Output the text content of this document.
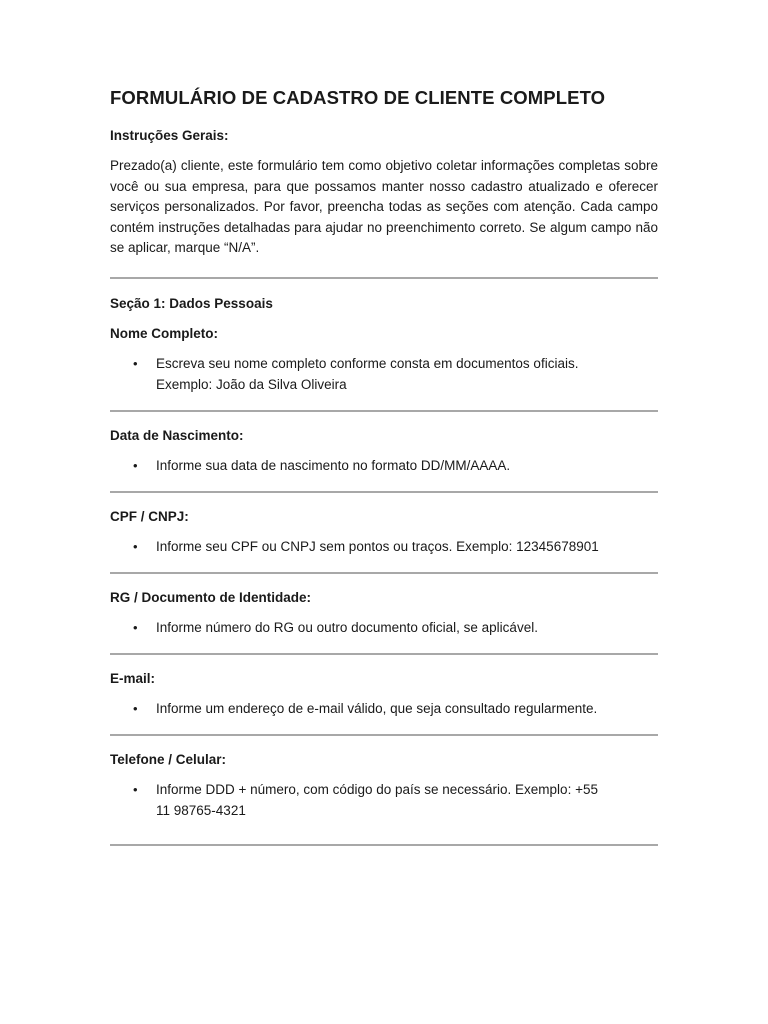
FORMULÁRIO DE CADASTRO DE CLIENTE COMPLETO

Instruções Gerais:

Prezado(a) cliente, este formulário tem como objetivo coletar informações completas sobre você ou sua empresa, para que possamos manter nosso cadastro atualizado e oferecer serviços personalizados. Por favor, preencha todas as seções com atenção. Cada campo contém instruções detalhadas para ajudar no preenchimento correto. Se algum campo não se aplicar, marque “N/A”.

Seção 1: Dados Pessoais

Nome Completo:

• Escreva seu nome completo conforme consta em documentos oficiais.
Exemplo: João da Silva Oliveira

Data de Nascimento:

• Informe sua data de nascimento no formato DD/MM/AAAA.

CPF / CNPJ:

• Informe seu CPF ou CNPJ sem pontos ou traços. Exemplo: 12345678901

RG / Documento de Identidade:

• Informe número do RG ou outro documento oficial, se aplicável.

E-mail:

• Informe um endereço de e-mail válido, que seja consultado regularmente.

Telefone / Celular:

• Informe DDD + número, com código do país se necessário. Exemplo: +55
11 98765-4321
